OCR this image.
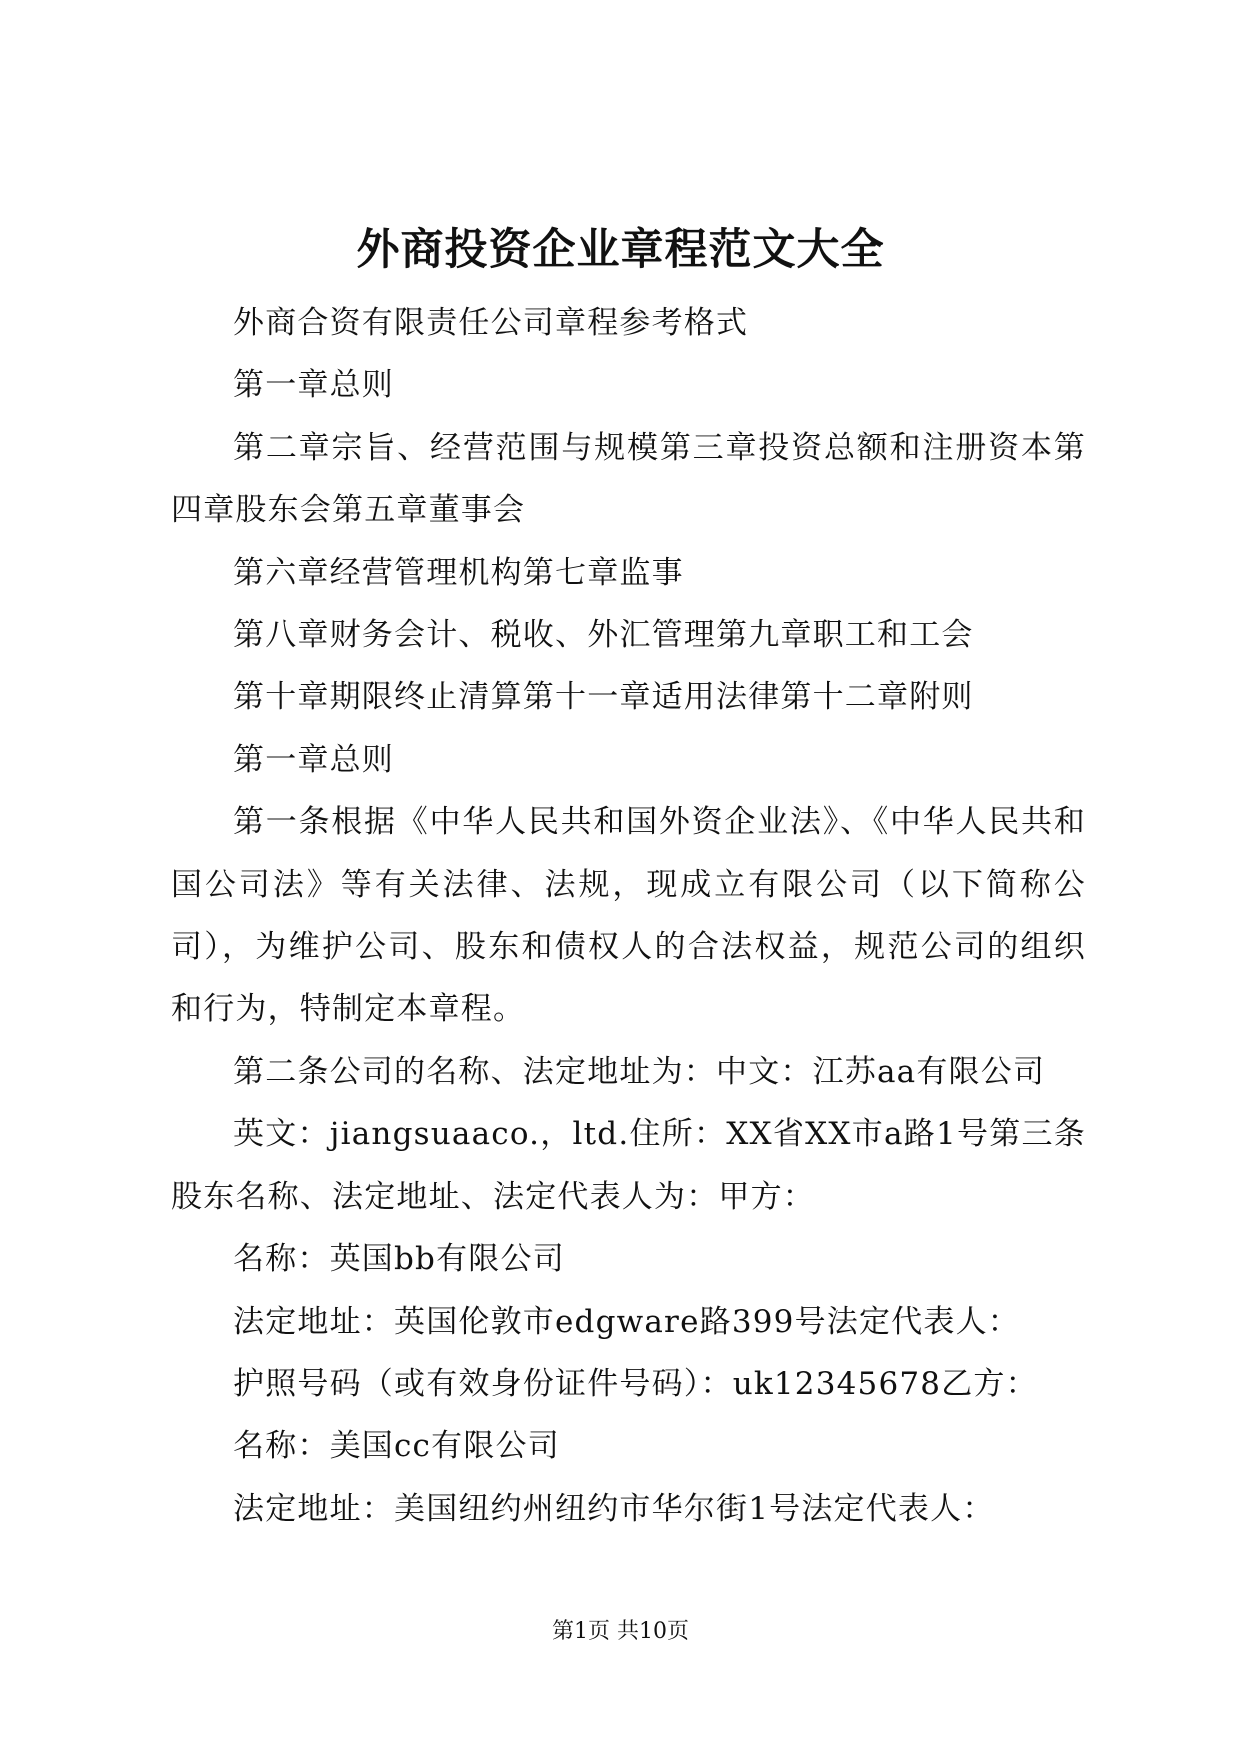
外商投资企业章程范文大全

外商合资有限责任公司章程参考格式

第一章总则

第二章宗旨、经营范围与规模第三章投资总额和注册资本第四章股东会第五章董事会

第六章经营管理机构第七章监事

第八章财务会计、税收、外汇管理第九章职工和工会

第十章期限终止清算第十一章适用法律第十二章附则

第一章总则

第一条根据《中华人民共和国外资企业法》、《中华人民共和国公司法》等有关法律、法规，现成立有限公司（以下简称公司），为维护公司、股东和债权人的合法权益，规范公司的组织和行为，特制定本章程。

第二条公司的名称、法定地址为：中文：江苏aa有限公司

英文：jiangsuaaco.，ltd.住所：XX省XX市a路1号第三条股东名称、法定地址、法定代表人为：甲方：

名称：英国bb有限公司

法定地址：英国伦敦市edgware路399号法定代表人：

护照号码（或有效身份证件号码）：uk12345678乙方：

名称：美国cc有限公司

法定地址：美国纽约州纽约市华尔街1号法定代表人：

第1页 共10页
